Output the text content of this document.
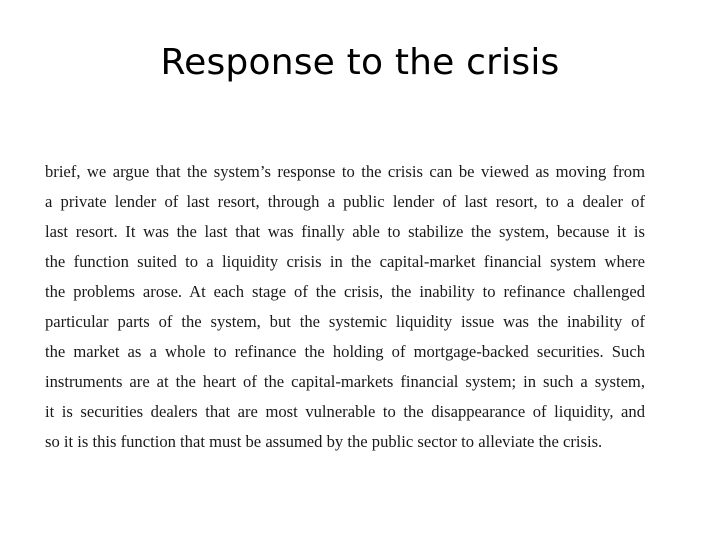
Response to the crisis
brief, we argue that the system’s response to the crisis can be viewed as moving from
a private lender of last resort, through a public lender of last resort, to a dealer of
last resort. It was the last that was finally able to stabilize the system, because it is
the function suited to a liquidity crisis in the capital-market financial system where
the problems arose. At each stage of the crisis, the inability to refinance challenged
particular parts of the system, but the systemic liquidity issue was the inability of
the market as a whole to refinance the holding of mortgage-backed securities. Such
instruments are at the heart of the capital-markets financial system; in such a system,
it is securities dealers that are most vulnerable to the disappearance of liquidity, and
so it is this function that must be assumed by the public sector to alleviate the crisis.
